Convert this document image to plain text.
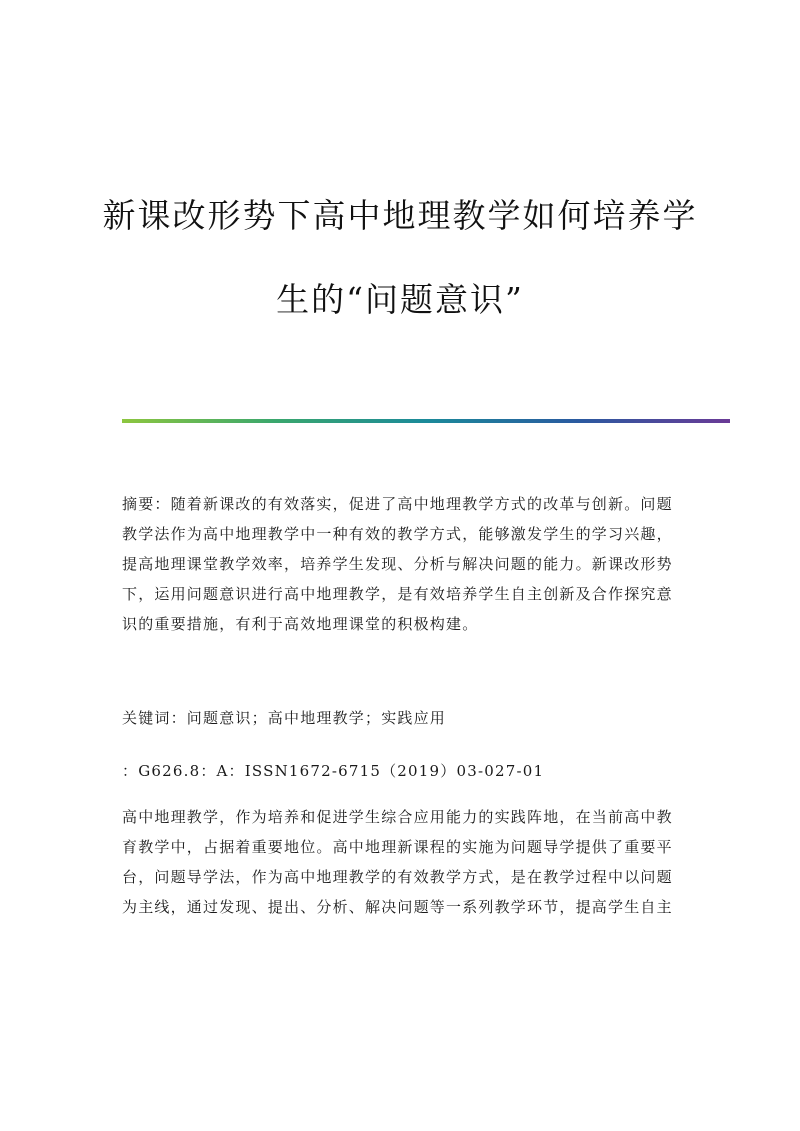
新课改形势下高中地理教学如何培养学
生的“问题意识”
摘要：随着新课改的有效落实，促进了高中地理教学方式的改革与创新。问题
教学法作为高中地理教学中一种有效的教学方式，能够激发学生的学习兴趣，
提高地理课堂教学效率，培养学生发现、分析与解决问题的能力。新课改形势
下，运用问题意识进行高中地理教学，是有效培养学生自主创新及合作探究意
识的重要措施，有利于高效地理课堂的积极构建。
关键词：问题意识；高中地理教学；实践应用
：G626.8：A：ISSN1672-6715（2019）03-027-01
高中地理教学，作为培养和促进学生综合应用能力的实践阵地，在当前高中教
育教学中，占据着重要地位。高中地理新课程的实施为问题导学提供了重要平
台，问题导学法，作为高中地理教学的有效教学方式，是在教学过程中以问题
为主线，通过发现、提出、分析、解决问题等一系列教学环节，提高学生自主
